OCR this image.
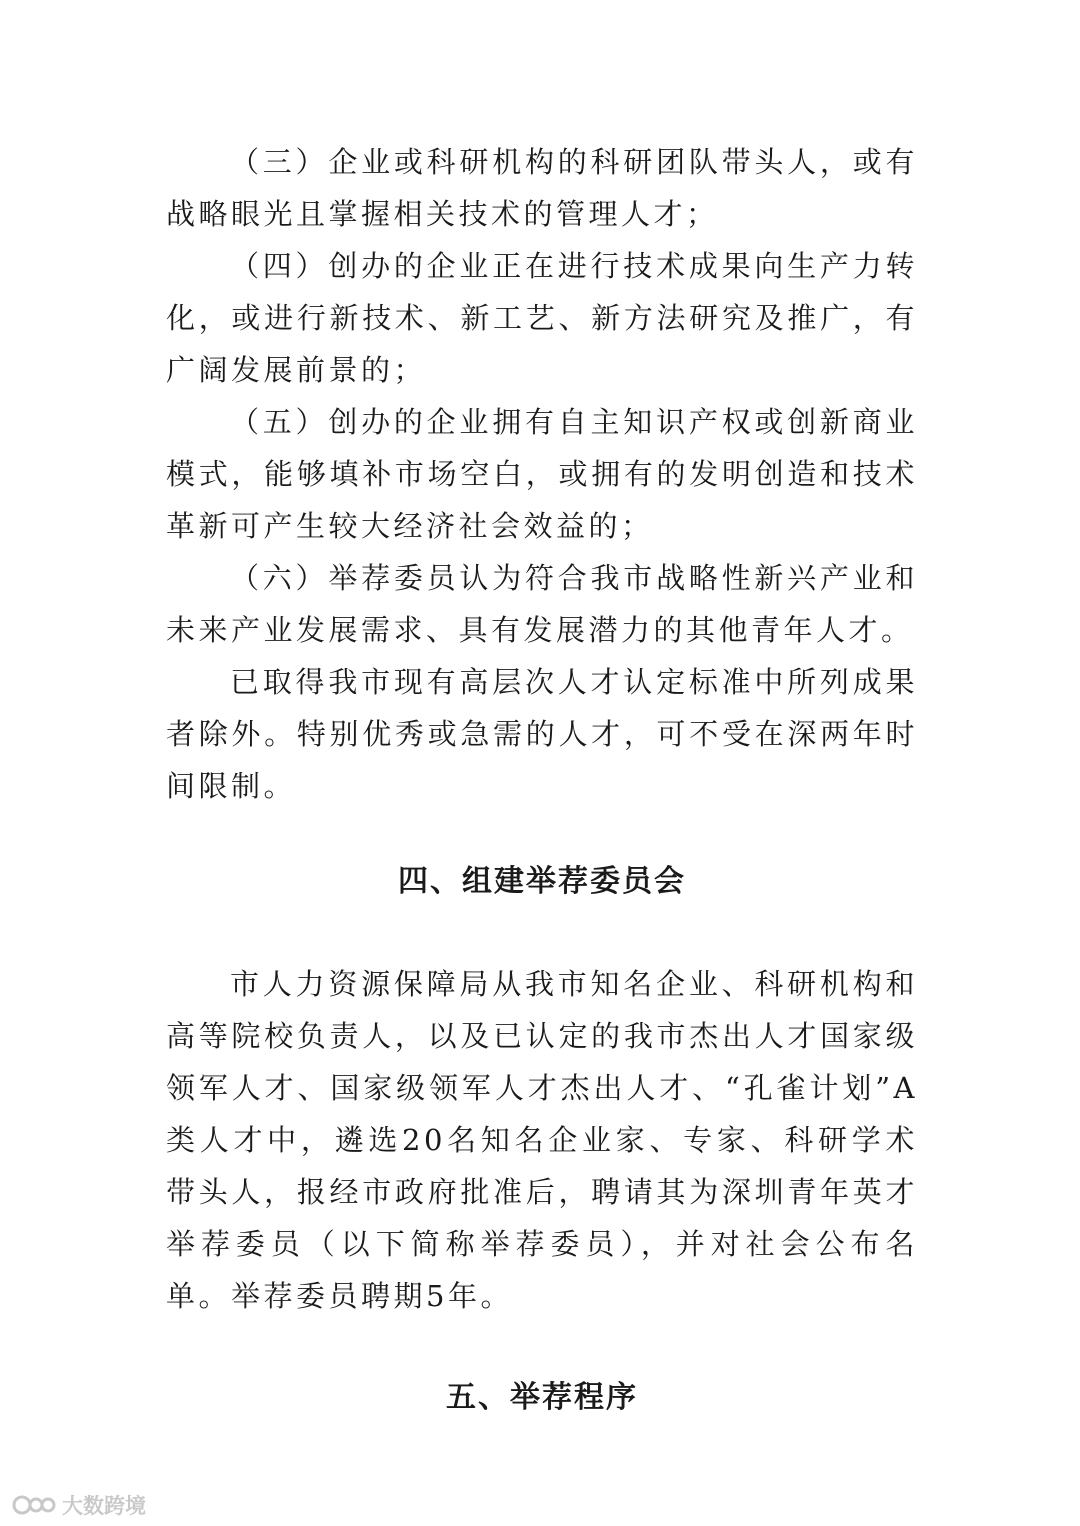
（三）企业或科研机构的科研团队带头人，或有战略眼光且掌握相关技术的管理人才；

（四）创办的企业正在进行技术成果向生产力转化，或进行新技术、新工艺、新方法研究及推广，有广阔发展前景的；

（五）创办的企业拥有自主知识产权或创新商业模式，能够填补市场空白，或拥有的发明创造和技术革新可产生较大经济社会效益的；

（六）举荐委员认为符合我市战略性新兴产业和未来产业发展需求、具有发展潜力的其他青年人才。

已取得我市现有高层次人才认定标准中所列成果者除外。特别优秀或急需的人才，可不受在深两年时间限制。

四、组建举荐委员会

市人力资源保障局从我市知名企业、科研机构和高等院校负责人，以及已认定的我市杰出人才国家级领军人才、国家级领军人才杰出人才、“孔雀计划”A类人才中，遴选20名知名企业家、专家、科研学术带头人，报经市政府批准后，聘请其为深圳青年英才举荐委员（以下简称举荐委员），并对社会公布名单。举荐委员聘期5年。

五、举荐程序
大数跨境
